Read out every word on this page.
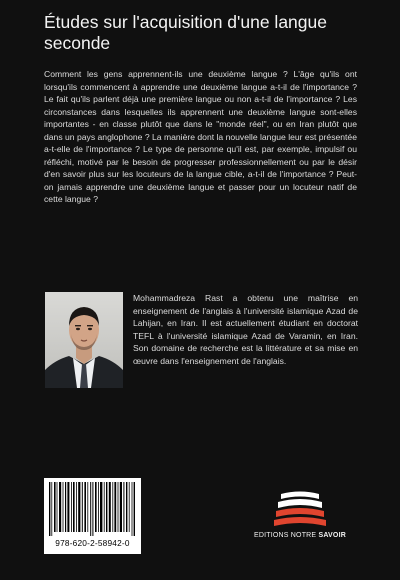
Études sur l'acquisition d'une langue seconde
Comment les gens apprennent-ils une deuxième langue ? L'âge qu'ils ont lorsqu'ils commencent à apprendre une deuxième langue a-t-il de l'importance ? Le fait qu'ils parlent déjà une première langue ou non a-t-il de l'importance ? Les circonstances dans lesquelles ils apprennent une deuxième langue sont-elles importantes - en classe plutôt que dans le "monde réel", ou en Iran plutôt que dans un pays anglophone ? La manière dont la nouvelle langue leur est présentée a-t-elle de l'importance ? Le type de personne qu'il est, par exemple, impulsif ou réfléchi, motivé par le besoin de progresser professionnellement ou par le désir d'en savoir plus sur les locuteurs de la langue cible, a-t-il de l'importance ? Peut-on jamais apprendre une deuxième langue et passer pour un locuteur natif de cette langue ?
Mohammadreza Rast a obtenu une maîtrise en enseignement de l'anglais à l'université islamique Azad de Lahijan, en Iran. Il est actuellement étudiant en doctorat TEFL à l'université islamique Azad de Varamin, en Iran. Son domaine de recherche est la littérature et sa mise en œuvre dans l'enseignement de l'anglais.
978-620-2-58942-0
EDITIONS NOTRE SAVOIR
